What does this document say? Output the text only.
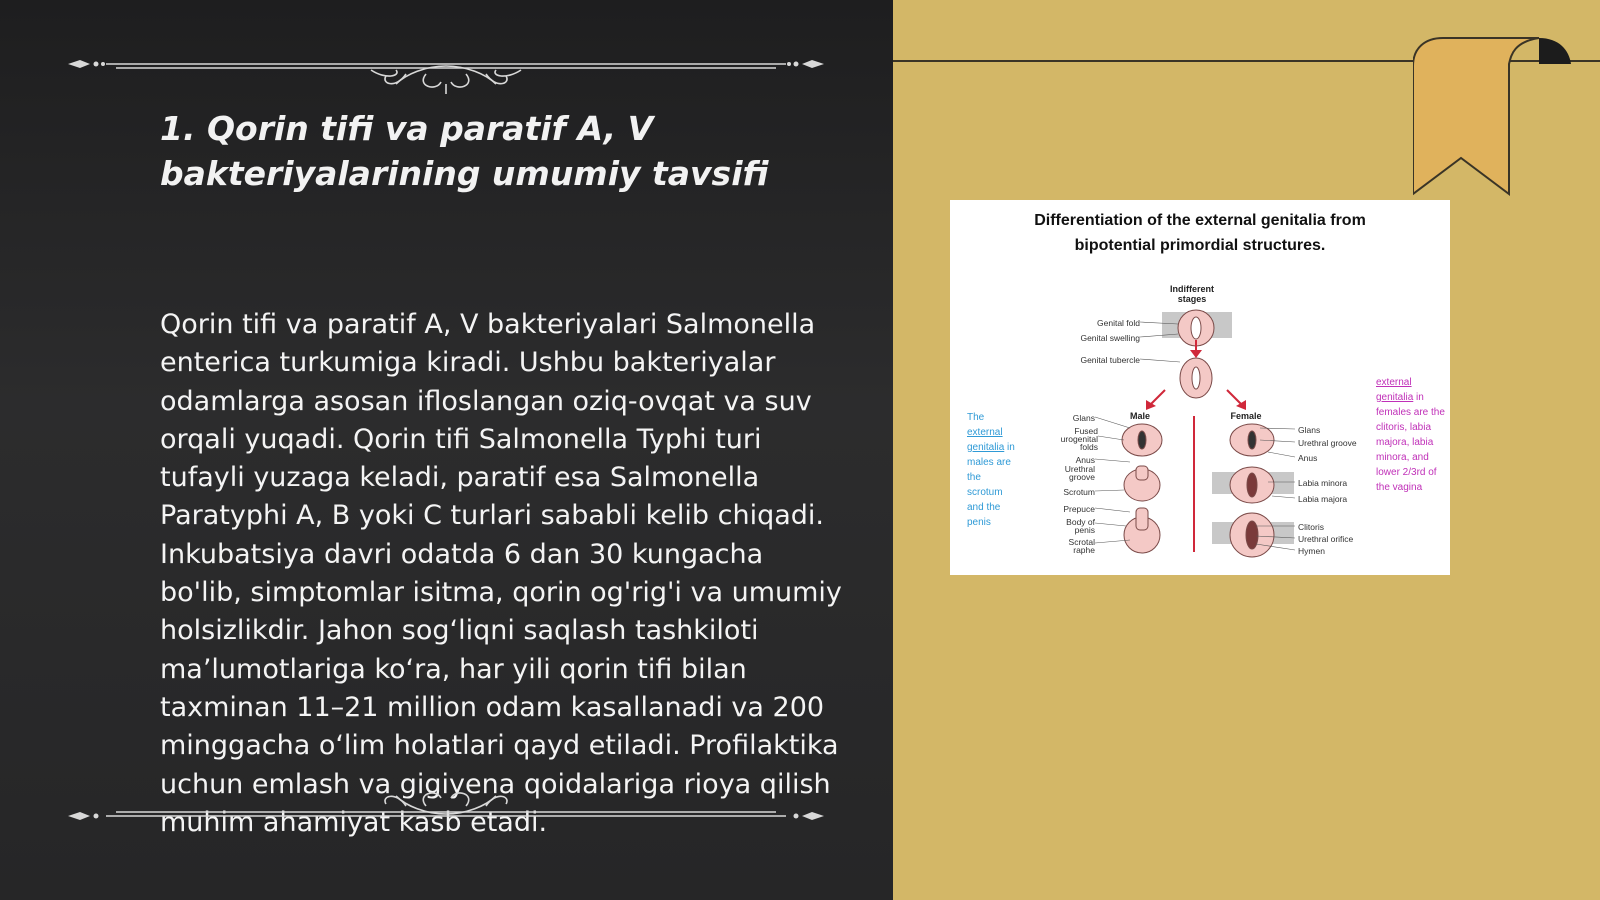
1. Qorin tifi va paratif A, V bakteriyalarining umumiy tavsifi

Qorin tifi va paratif A, V bakteriyalari Salmonella enterica turkumiga kiradi. Ushbu bakteriyalar odamlarga asosan ifloslangan oziq-ovqat va suv orqali yuqadi. Qorin tifi Salmonella Typhi turi tufayli yuzaga keladi, paratif esa Salmonella Paratyphi A, B yoki C turlari sababli kelib chiqadi. Inkubatsiya davri odatda 6 dan 30 kungacha bo'lib, simptomlar isitma, qorin og'rig'i va umumiy holsizlikdir. Jahon sog‘liqni saqlash tashkiloti ma’lumotlariga ko‘ra, har yili qorin tifi bilan taxminan 11–21 million odam kasallanadi va 200 minggacha o‘lim holatlari qayd etiladi. Profilaktika uchun emlash va gigiyena qoidalariga rioya qilish muhim ahamiyat kasb etadi.

Differentiation of the external genitalia from
bipotential primordial structures.
Indifferent stages
Male	Female
Genital fold
Genital swelling
Genital tubercle
Glans
Fused urogenital folds
Anus
Urethral groove
Scrotum
Prepuce
Body of penis
Scrotal raphe
Glans
Urethral groove
Anus
Labia minora
Labia majora
Clitoris
Urethral orifice
Hymen
The external genitalia in males are the scrotum and the penis
external genitalia in females are the clitoris, labia majora, labia minora, and lower 2/3rd of the vagina
